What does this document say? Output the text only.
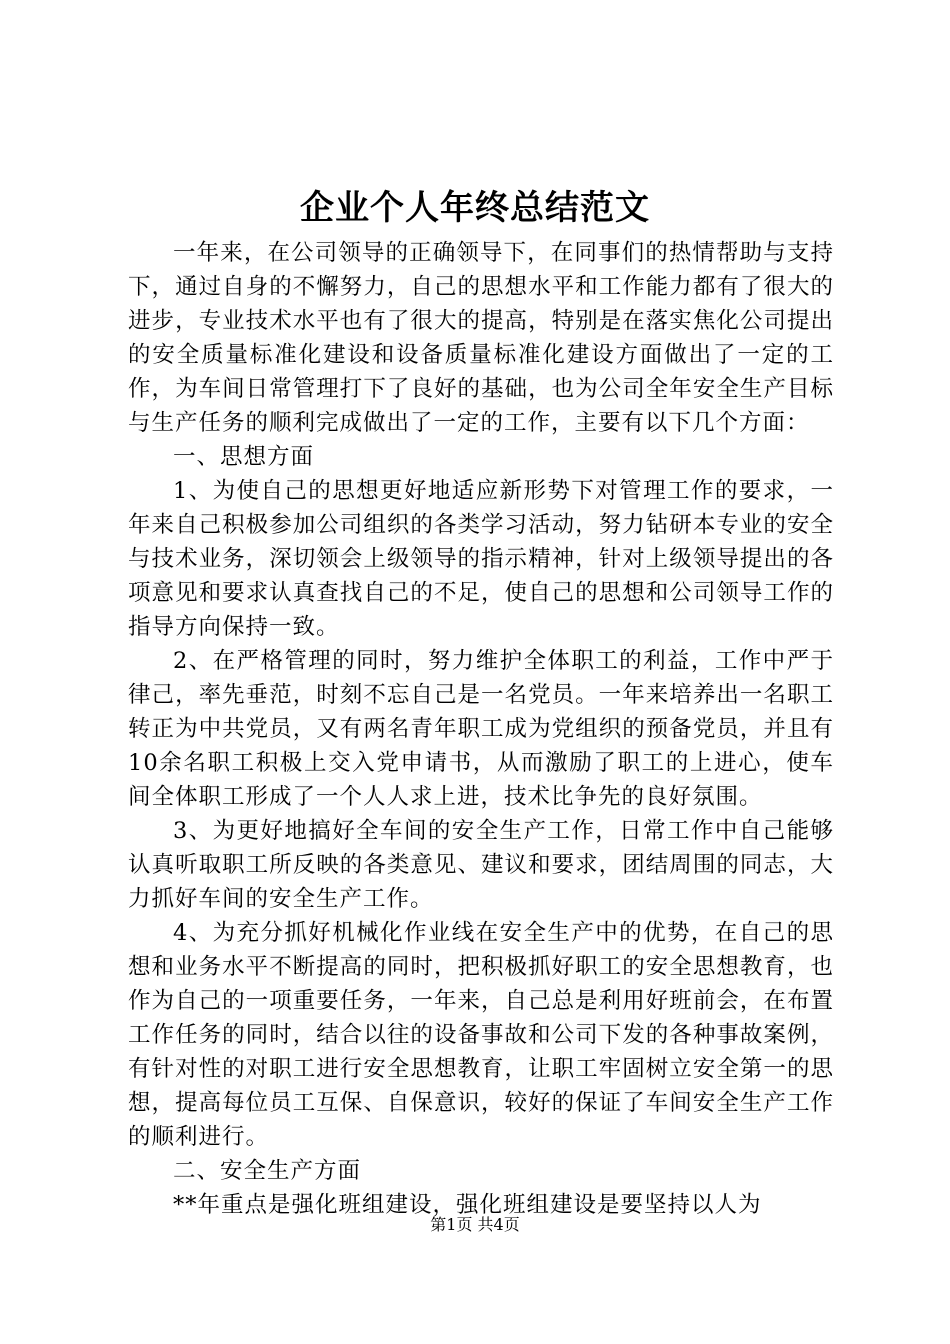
企业个人年终总结范文

一年来，在公司领导的正确领导下，在同事们的热情帮助与支持下，通过自身的不懈努力，自己的思想水平和工作能力都有了很大的进步，专业技术水平也有了很大的提高，特别是在落实焦化公司提出的安全质量标准化建设和设备质量标准化建设方面做出了一定的工作，为车间日常管理打下了良好的基础，也为公司全年安全生产目标与生产任务的顺利完成做出了一定的工作，主要有以下几个方面：

一、思想方面

1、为使自己的思想更好地适应新形势下对管理工作的要求，一年来自己积极参加公司组织的各类学习活动，努力钻研本专业的安全与技术业务，深切领会上级领导的指示精神，针对上级领导提出的各项意见和要求认真查找自己的不足，使自己的思想和公司领导工作的指导方向保持一致。

2、在严格管理的同时，努力维护全体职工的利益，工作中严于律己，率先垂范，时刻不忘自己是一名党员。一年来培养出一名职工转正为中共党员，又有两名青年职工成为党组织的预备党员，并且有10余名职工积极上交入党申请书，从而激励了职工的上进心，使车间全体职工形成了一个人人求上进，技术比争先的良好氛围。

3、为更好地搞好全车间的安全生产工作，日常工作中自己能够认真听取职工所反映的各类意见、建议和要求，团结周围的同志，大力抓好车间的安全生产工作。

4、为充分抓好机械化作业线在安全生产中的优势，在自己的思想和业务水平不断提高的同时，把积极抓好职工的安全思想教育，也作为自己的一项重要任务，一年来，自己总是利用好班前会，在布置工作任务的同时，结合以往的设备事故和公司下发的各种事故案例，有针对性的对职工进行安全思想教育，让职工牢固树立安全第一的思想，提高每位员工互保、自保意识，较好的保证了车间安全生产工作的顺利进行。

二、安全生产方面

**年重点是强化班组建设，强化班组建设是要坚持以人为

第1页 共4页
